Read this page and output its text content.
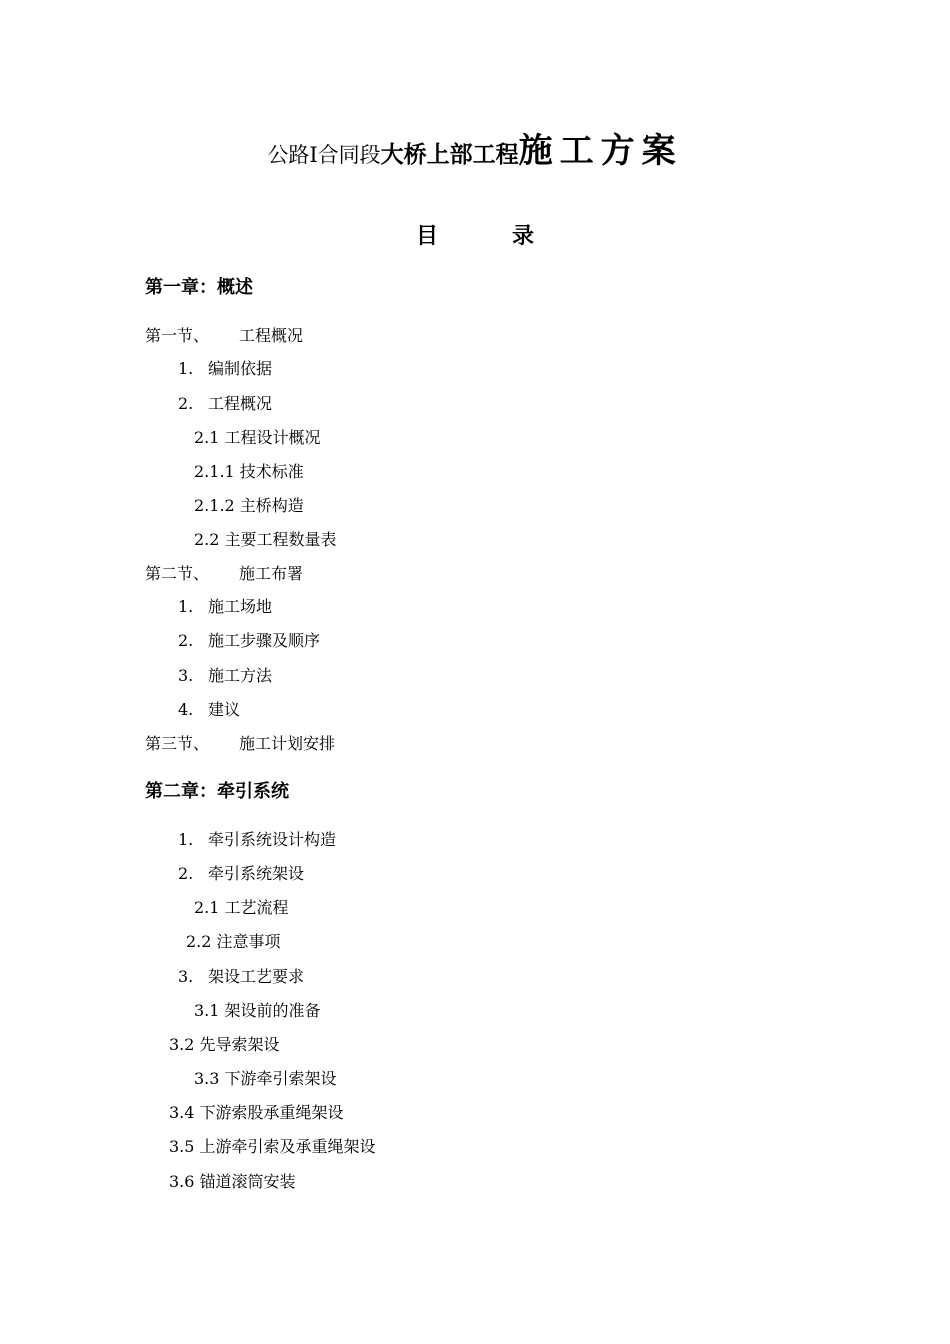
公路Ⅰ合同段大桥上部工程施工方案
目	录
第一章：概述
第一节、 工程概况
1. 编制依据
2. 工程概况
2.1 工程设计概况
2.1.1 技术标准
2.1.2 主桥构造
2.2 主要工程数量表
第二节、 施工布署
1. 施工场地
2. 施工步骤及顺序
3. 施工方法
4. 建议
第三节、 施工计划安排
第二章：牵引系统
1. 牵引系统设计构造
2. 牵引系统架设
2.1 工艺流程
2.2 注意事项
3. 架设工艺要求
3.1 架设前的准备
3.2 先导索架设
3.3 下游牵引索架设
3.4 下游索股承重绳架设
3.5 上游牵引索及承重绳架设
3.6 锚道滚筒安装
